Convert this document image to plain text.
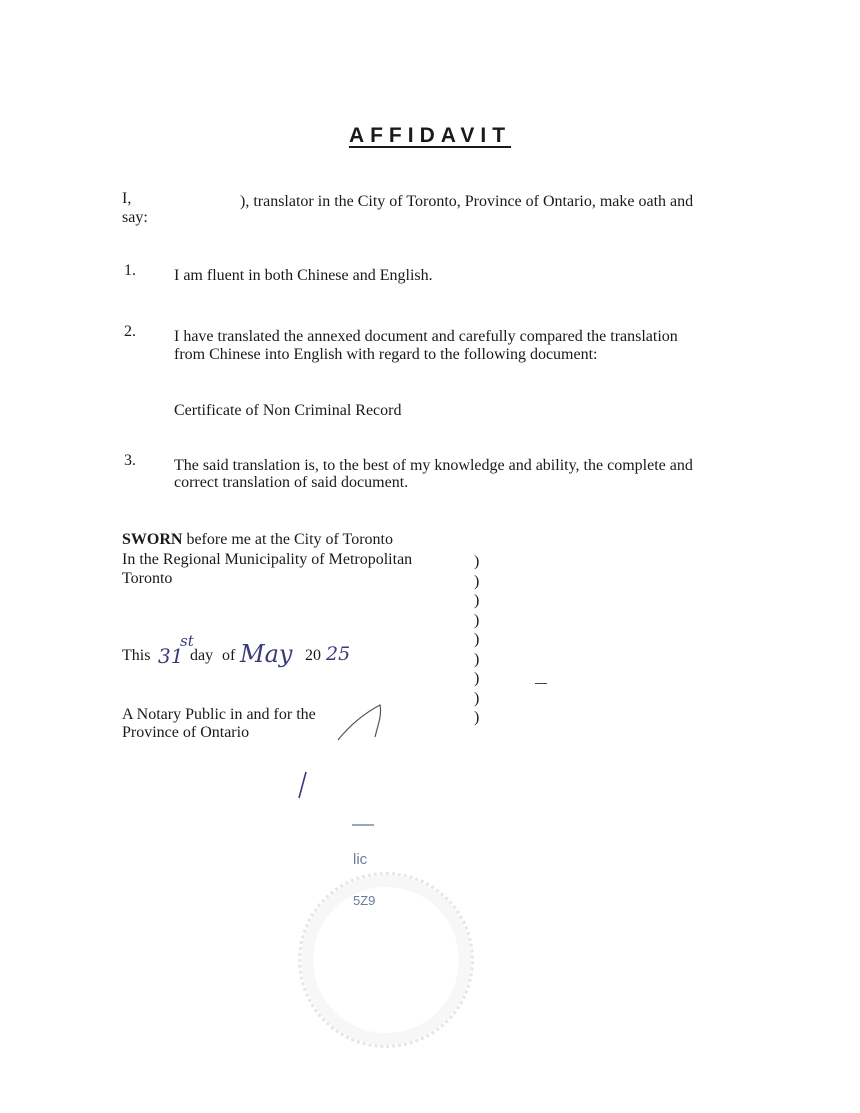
AFFIDAVIT
I,	), translator in the City of Toronto, Province of Ontario, make oath and
say:
1. I am fluent in both Chinese and English.
2. I have translated the annexed document and carefully compared the translation
from Chinese into English with regard to the following document:
Certificate of Non Criminal Record
3. The said translation is, to the best of my knowledge and ability, the complete and
correct translation of said document.
SWORN before me at the City of Toronto
In the Regional Municipality of Metropolitan
Toronto
)
)
)
)
)
)
)
)
)
This 31
st
day of May 20 25
A Notary Public in and for the
Province of Ontario
lic
5Z9
